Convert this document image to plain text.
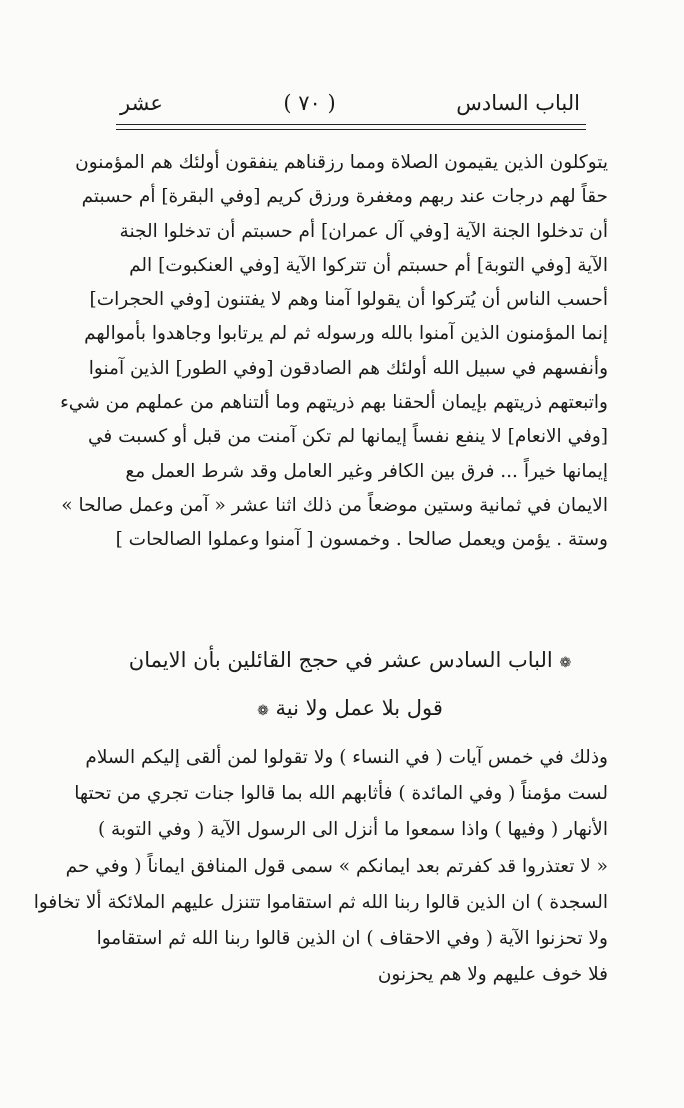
الباب السادس
( ٧٠ )
عشر
يتوكلون الذين يقيمون الصلاة ومما رزقناهم ينفقون أولئك هم المؤمنون
حقاً لهم درجات عند ربهم ومغفرة ورزق كريم [وفي البقرة] أم حسبتم
أن تدخلوا الجنة الآية [وفي آل عمران] أم حسبتم أن تدخلوا الجنة
الآية [وفي التوبة] أم حسبتم أن تتركوا الآية [وفي العنكبوت] الم
أحسب الناس أن يُتركوا أن يقولوا آمنا وهم لا يفتنون [وفي الحجرات]
إنما المؤمنون الذين آمنوا بالله ورسوله ثم لم يرتابوا وجاهدوا بأموالهم
وأنفسهم في سبيل الله أولئك هم الصادقون [وفي الطور] الذين آمنوا
واتبعتهم ذريتهم بإيمان ألحقنا بهم ذريتهم وما ألتناهم من عملهم من شيء
[وفي الانعام] لا ينفع نفساً إيمانها لم تكن آمنت من قبل أو كسبت في
إيمانها خيراً ... فرق بين الكافر وغير العامل وقد شرط العمل مع
الايمان في ثمانية وستين موضعاً من ذلك اثنا عشر « آمن وعمل صالحا »
وستة . يؤمن ويعمل صالحا . وخمسون [ آمنوا وعملوا الصالحات ]
❁ الباب السادس عشر في حجج القائلين بأن الايمان
قول بلا عمل ولا نية ❁
وذلك في خمس آيات ( في النساء ) ولا تقولوا لمن ألقى إليكم السلام
لست مؤمناً ( وفي المائدة ) فأثابهم الله بما قالوا جنات تجري من تحتها
الأنهار ( وفيها ) واذا سمعوا ما أنزل الى الرسول الآية ( وفي التوبة )
« لا تعتذروا قد كفرتم بعد ايمانكم » سمى قول المنافق ايماناً ( وفي حم
السجدة ) ان الذين قالوا ربنا الله ثم استقاموا تتنزل عليهم الملائكة ألا تخافوا
ولا تحزنوا الآية ( وفي الاحقاف ) ان الذين قالوا ربنا الله ثم استقاموا
فلا خوف عليهم ولا هم يحزنون
